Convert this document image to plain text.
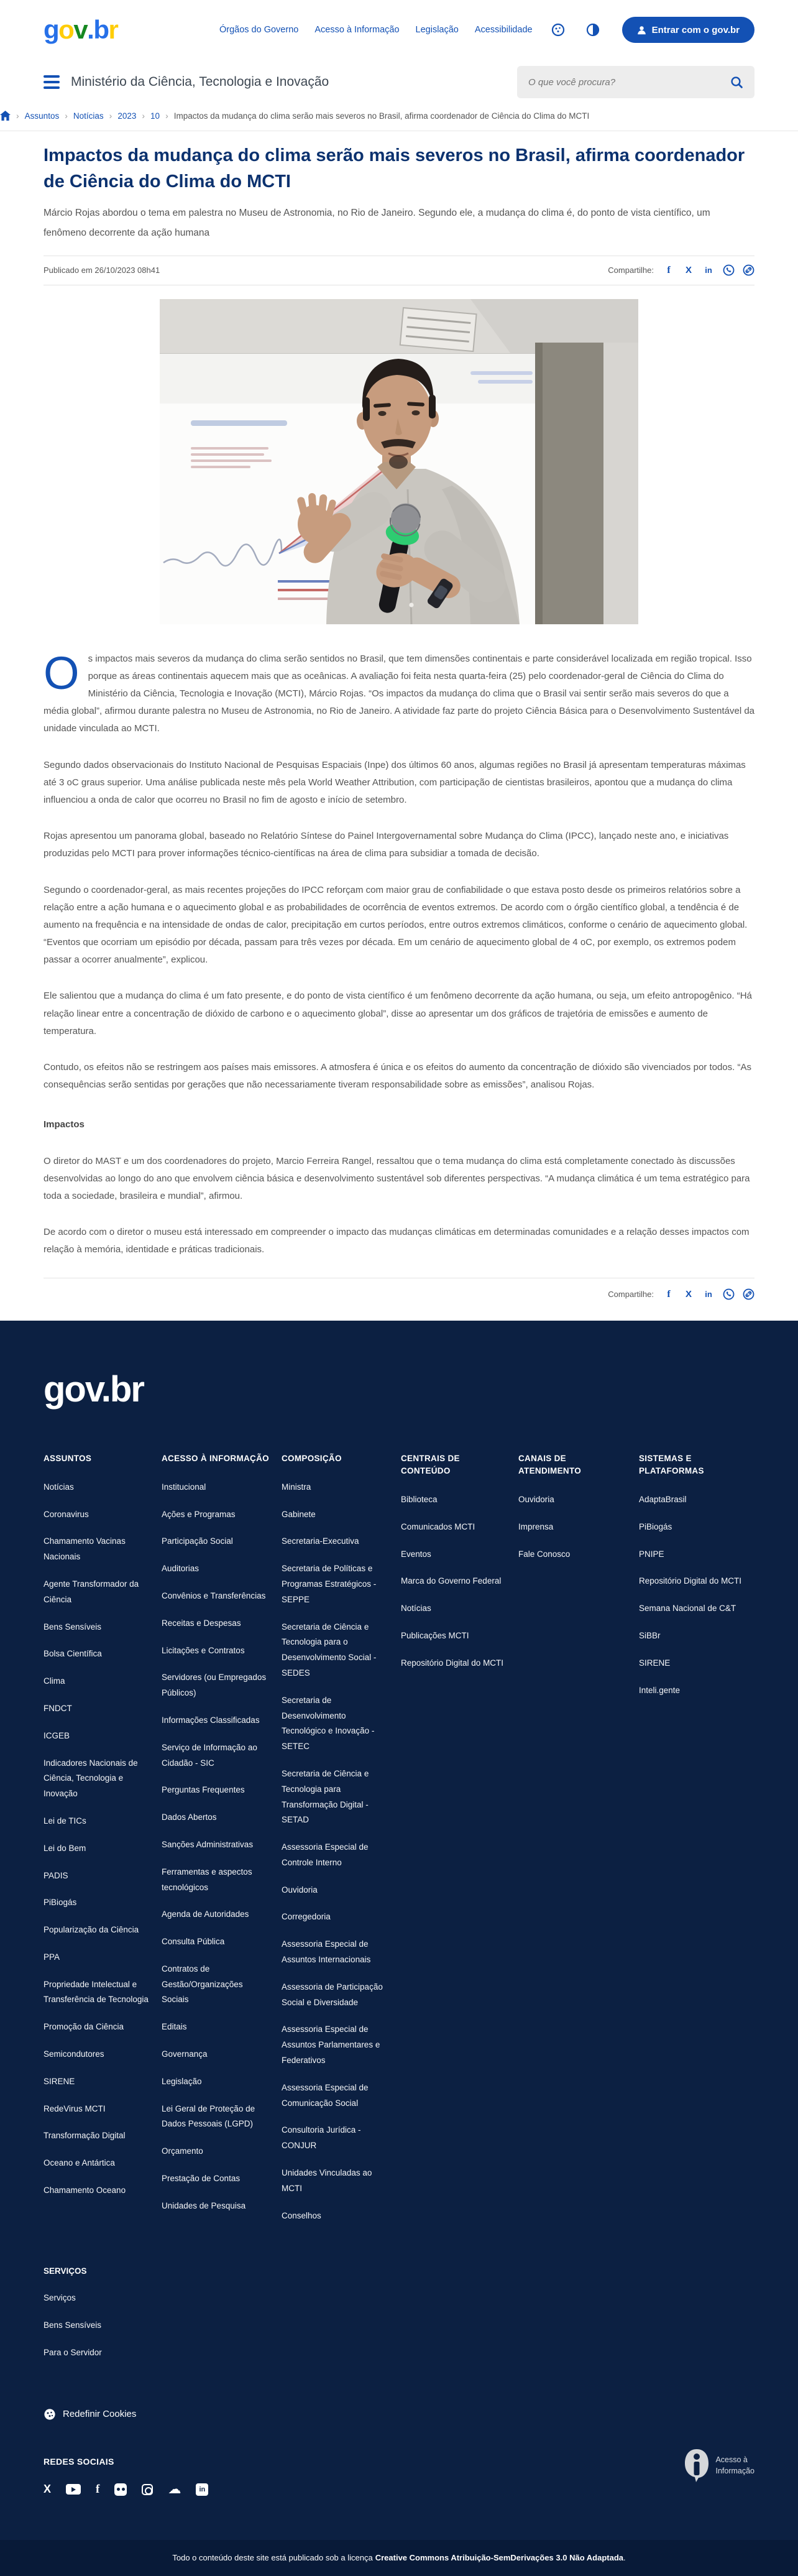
g o v . b r	Órgãos do Governo Acesso à Informação Legislação Acessibilidade	Entrar com o gov.br
Ministério da Ciência, Tecnologia e Inovação
O que você procura?
› Assuntos › Notícias › 2023 › 10	› Impactos da mudança do clima serão mais severos no Brasil, afirma coordenador de Ciência do Clima do MCTI
Impactos da mudança do clima serão mais severos no Brasil, afirma coordenador de Ciência do Clima do MCTI

Márcio Rojas abordou o tema em palestra no Museu de Astronomia, no Rio de Janeiro. Segundo ele, a mudança do clima é, do ponto de vista científico, um fenômeno decorrente da ação humana

Publicado em 26/10/2023 08h41	Compartilhe: f X in

Os impactos mais severos da mudança do clima serão sentidos no Brasil, que tem dimensões continentais e parte considerável localizada em região tropical. Isso porque as áreas continentais aquecem mais que as oceânicas. A avaliação foi feita nesta quarta-feira (25) pelo coordenador-geral de Ciência do Clima do Ministério da Ciência, Tecnologia e Inovação (MCTI), Márcio Rojas. “Os impactos da mudança do clima que o Brasil vai sentir serão mais severos do que a média global”, afirmou durante palestra no Museu de Astronomia, no Rio de Janeiro. A atividade faz parte do projeto Ciência Básica para o Desenvolvimento Sustentável da unidade vinculada ao MCTI.

Segundo dados observacionais do Instituto Nacional de Pesquisas Espaciais (Inpe) dos últimos 60 anos, algumas regiões no Brasil já apresentam temperaturas máximas até 3 oC graus superior. Uma análise publicada neste mês pela World Weather Attribution, com participação de cientistas brasileiros, apontou que a mudança do clima influenciou a onda de calor que ocorreu no Brasil no fim de agosto e início de setembro.

Rojas apresentou um panorama global, baseado no Relatório Síntese do Painel Intergovernamental sobre Mudança do Clima (IPCC), lançado neste ano, e iniciativas produzidas pelo MCTI para prover informações técnico-científicas na área de clima para subsidiar a tomada de decisão.

Segundo o coordenador-geral, as mais recentes projeções do IPCC reforçam com maior grau de confiabilidade o que estava posto desde os primeiros relatórios sobre a relação entre a ação humana e o aquecimento global e as probabilidades de ocorrência de eventos extremos. De acordo com o órgão científico global, a tendência é de aumento na frequência e na intensidade de ondas de calor, precipitação em curtos períodos, entre outros extremos climáticos, conforme o cenário de aquecimento global. “Eventos que ocorriam um episódio por década, passam para três vezes por década. Em um cenário de aquecimento global de 4 oC, por exemplo, os extremos podem passar a ocorrer anualmente”, explicou.

Ele salientou que a mudança do clima é um fato presente, e do ponto de vista científico é um fenômeno decorrente da ação humana, ou seja, um efeito antropogênico. “Há relação linear entre a concentração de dióxido de carbono e o aquecimento global”, disse ao apresentar um dos gráficos de trajetória de emissões e aumento de temperatura.

Contudo, os efeitos não se restringem aos países mais emissores. A atmosfera é única e os efeitos do aumento da concentração de dióxido são vivenciados por todos. “As consequências serão sentidas por gerações que não necessariamente tiveram responsabilidade sobre as emissões”, analisou Rojas.

Impactos

O diretor do MAST e um dos coordenadores do projeto, Marcio Ferreira Rangel, ressaltou que o tema mudança do clima está completamente conectado às discussões desenvolvidas ao longo do ano que envolvem ciência básica e desenvolvimento sustentável sob diferentes perspectivas. “A mudança climática é um tema estratégico para toda a sociedade, brasileira e mundial”, afirmou.

De acordo com o diretor o museu está interessado em compreender o impacto das mudanças climáticas em determinadas comunidades e a relação desses impactos com relação à memória, identidade e práticas tradicionais.

Compartilhe: f X in
gov.br
ASSUNTOS
Notícias
Coronavirus
Chamamento Vacinas Nacionais
Agente Transformador da Ciência
Bens Sensíveis
Bolsa Científica
Clima
FNDCT
ICGEB
Indicadores Nacionais de Ciência, Tecnologia e Inovação
Lei de TICs
Lei do Bem
PADIS
PiBiogás
Popularização da Ciência
PPA
Propriedade Intelectual e Transferência de Tecnologia
Promoção da Ciência
Semicondutores
SIRENE
RedeVirus MCTI
Transformação Digital
Oceano e Antártica
Chamamento Oceano
ACESSO À INFORMAÇÃO
Institucional
Ações e Programas
Participação Social
Auditorias
Convênios e Transferências
Receitas e Despesas
Licitações e Contratos
Servidores (ou Empregados Públicos)
Informações Classificadas
Serviço de Informação ao Cidadão - SIC
Perguntas Frequentes
Dados Abertos
Sanções Administrativas
Ferramentas e aspectos tecnológicos
Agenda de Autoridades
Consulta Pública
Contratos de Gestão/Organizações Sociais
Editais
Governança
Legislação
Lei Geral de Proteção de Dados Pessoais (LGPD)
Orçamento
Prestação de Contas
Unidades de Pesquisa
COMPOSIÇÃO
Ministra
Gabinete
Secretaria-Executiva
Secretaria de Políticas e Programas Estratégicos - SEPPE
Secretaria de Ciência e Tecnologia para o Desenvolvimento Social - SEDES
Secretaria de Desenvolvimento Tecnológico e Inovação - SETEC
Secretaria de Ciência e Tecnologia para Transformação Digital - SETAD
Assessoria Especial de Controle Interno
Ouvidoria
Corregedoria
Assessoria Especial de Assuntos Internacionais
Assessoria de Participação Social e Diversidade
Assessoria Especial de Assuntos Parlamentares e Federativos
Assessoria Especial de Comunicação Social
Consultoria Jurídica - CONJUR
Unidades Vinculadas ao MCTI
Conselhos
CENTRAIS DE CONTEÚDO
Biblioteca
Comunicados MCTI
Eventos
Marca do Governo Federal
Notícias
Publicações MCTI
Repositório Digital do MCTI
CANAIS DE ATENDIMENTO
Ouvidoria
Imprensa
Fale Conosco
SISTEMAS E PLATAFORMAS
AdaptaBrasil
PiBiogás
PNIPE
Repositório Digital do MCTI
Semana Nacional de C&T
SiBBr
SIRENE
Inteli.gente
SERVIÇOS
Serviços
Bens Sensíveis
Para o Servidor
Redefinir Cookies
REDES SOCIAIS
X	f	☁	in
Acesso à
Informação
Todo o conteúdo deste site está publicado sob a licença Creative Commons Atribuição-SemDerivações 3.0 Não Adaptada .
